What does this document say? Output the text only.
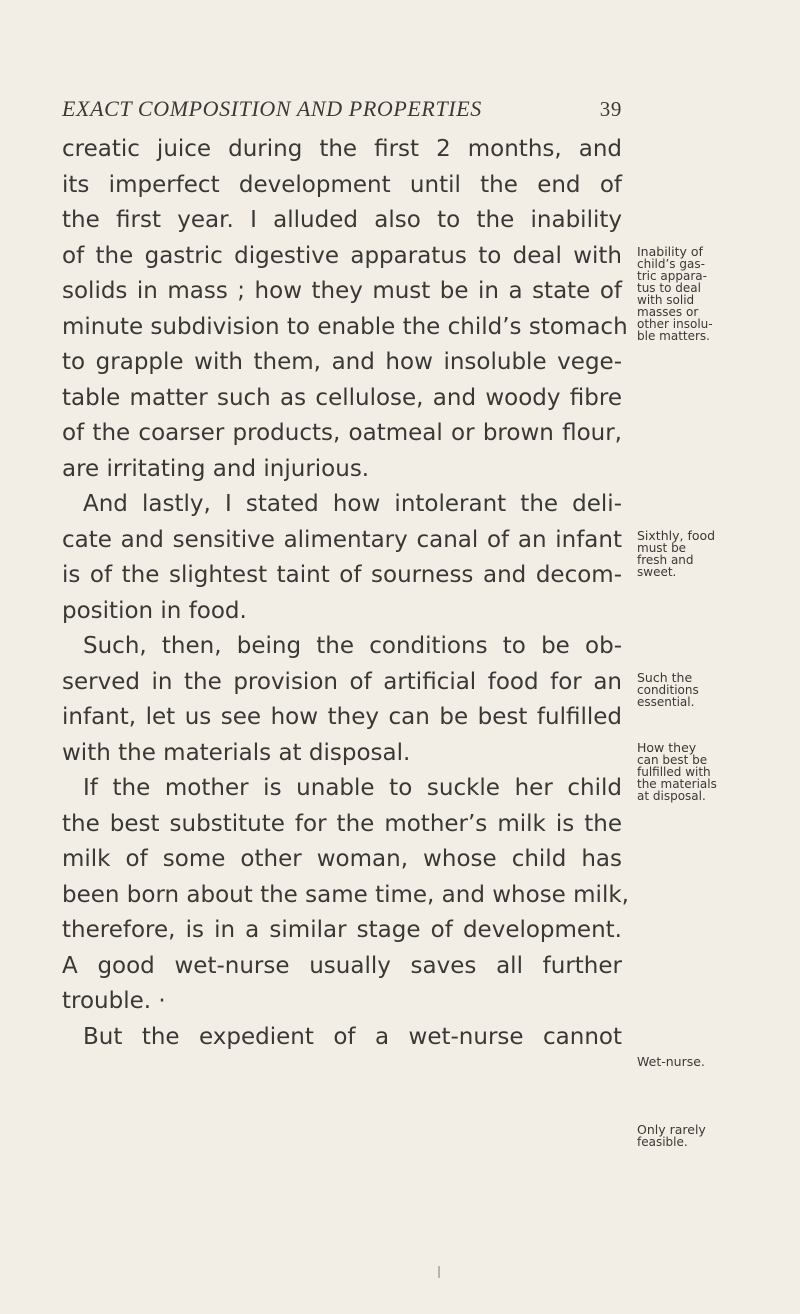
EXACT COMPOSITION AND PROPERTIES	39
creatic juice during the first 2 months, and
its imperfect development until the end of
the first year. I alluded also to the inability
of the gastric digestive apparatus to deal with
solids in mass ; how they must be in a state of
minute subdivision to enable the child’s stomach
to grapple with them, and how insoluble vege-
table matter such as cellulose, and woody fibre
of the coarser products, oatmeal or brown flour,
are irritating and injurious.
And lastly, I stated how intolerant the deli-
cate and sensitive alimentary canal of an infant
is of the slightest taint of sourness and decom-
position in food.
Such, then, being the conditions to be ob-
served in the provision of artificial food for an
infant, let us see how they can be best fulfilled
with the materials at disposal.
If the mother is unable to suckle her child
the best substitute for the mother’s milk is the
milk of some other woman, whose child has
been born about the same time, and whose milk,
therefore, is in a similar stage of development.
A good wet-nurse usually saves all further
trouble. ·
But the expedient of a wet-nurse cannot
Inability of
child’s gas-
tric appara-
tus to deal
with solid
masses or
other insolu-
ble matters.
Sixthly, food
must be
fresh and
sweet.
Such the
conditions
essential.
How they
can best be
fulfilled with
the materials
at disposal.
Wet-nurse.
Only rarely
feasible.
